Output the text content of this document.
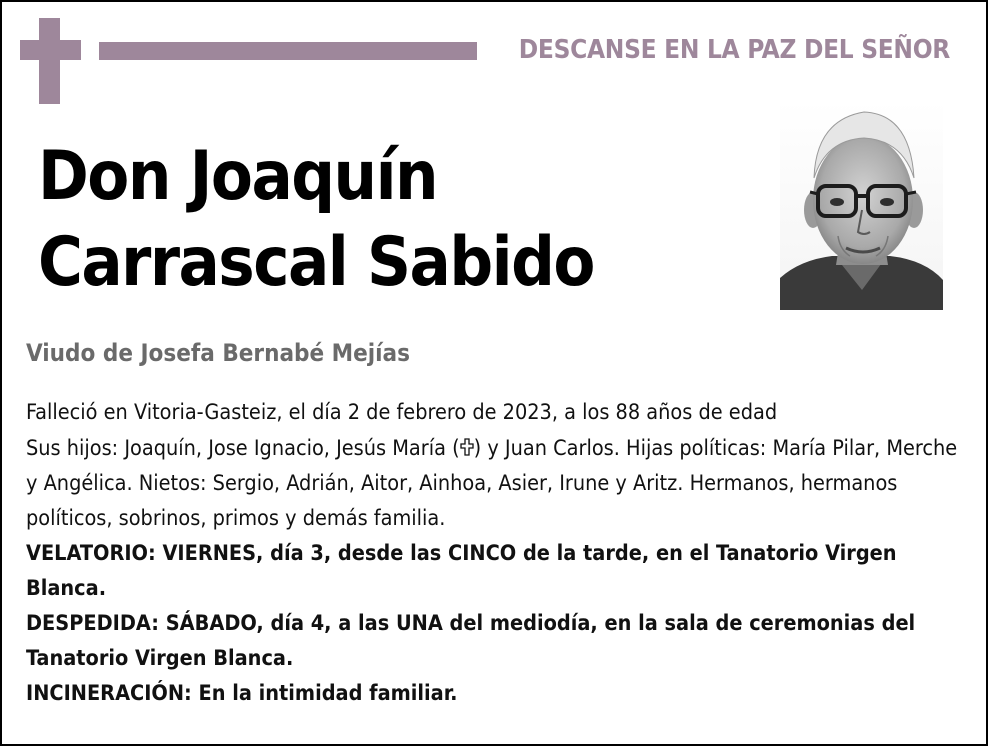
DESCANSE EN LA PAZ DEL SEÑOR
Don Joaquín
Carrascal Sabido
Viudo de Josefa Bernabé Mejías

Falleció en Vitoria-Gasteiz, el día 2 de febrero de 2023, a los 88 años de edad

Sus hijos: Joaquín, Jose Ignacio, Jesús María ( ) y Juan Carlos. Hijas políticas: María Pilar, Merche y Angélica. Nietos: Sergio, Adrián, Aitor, Ainhoa, Asier, Irune y Aritz. Hermanos, hermanos políticos, sobrinos, primos y demás familia.

VELATORIO: VIERNES, día 3, desde las CINCO de la tarde, en el Tanatorio Virgen Blanca.

DESPEDIDA: SÁBADO, día 4, a las UNA del mediodía, en la sala de ceremonias del Tanatorio Virgen Blanca.

INCINERACIÓN: En la intimidad familiar.
